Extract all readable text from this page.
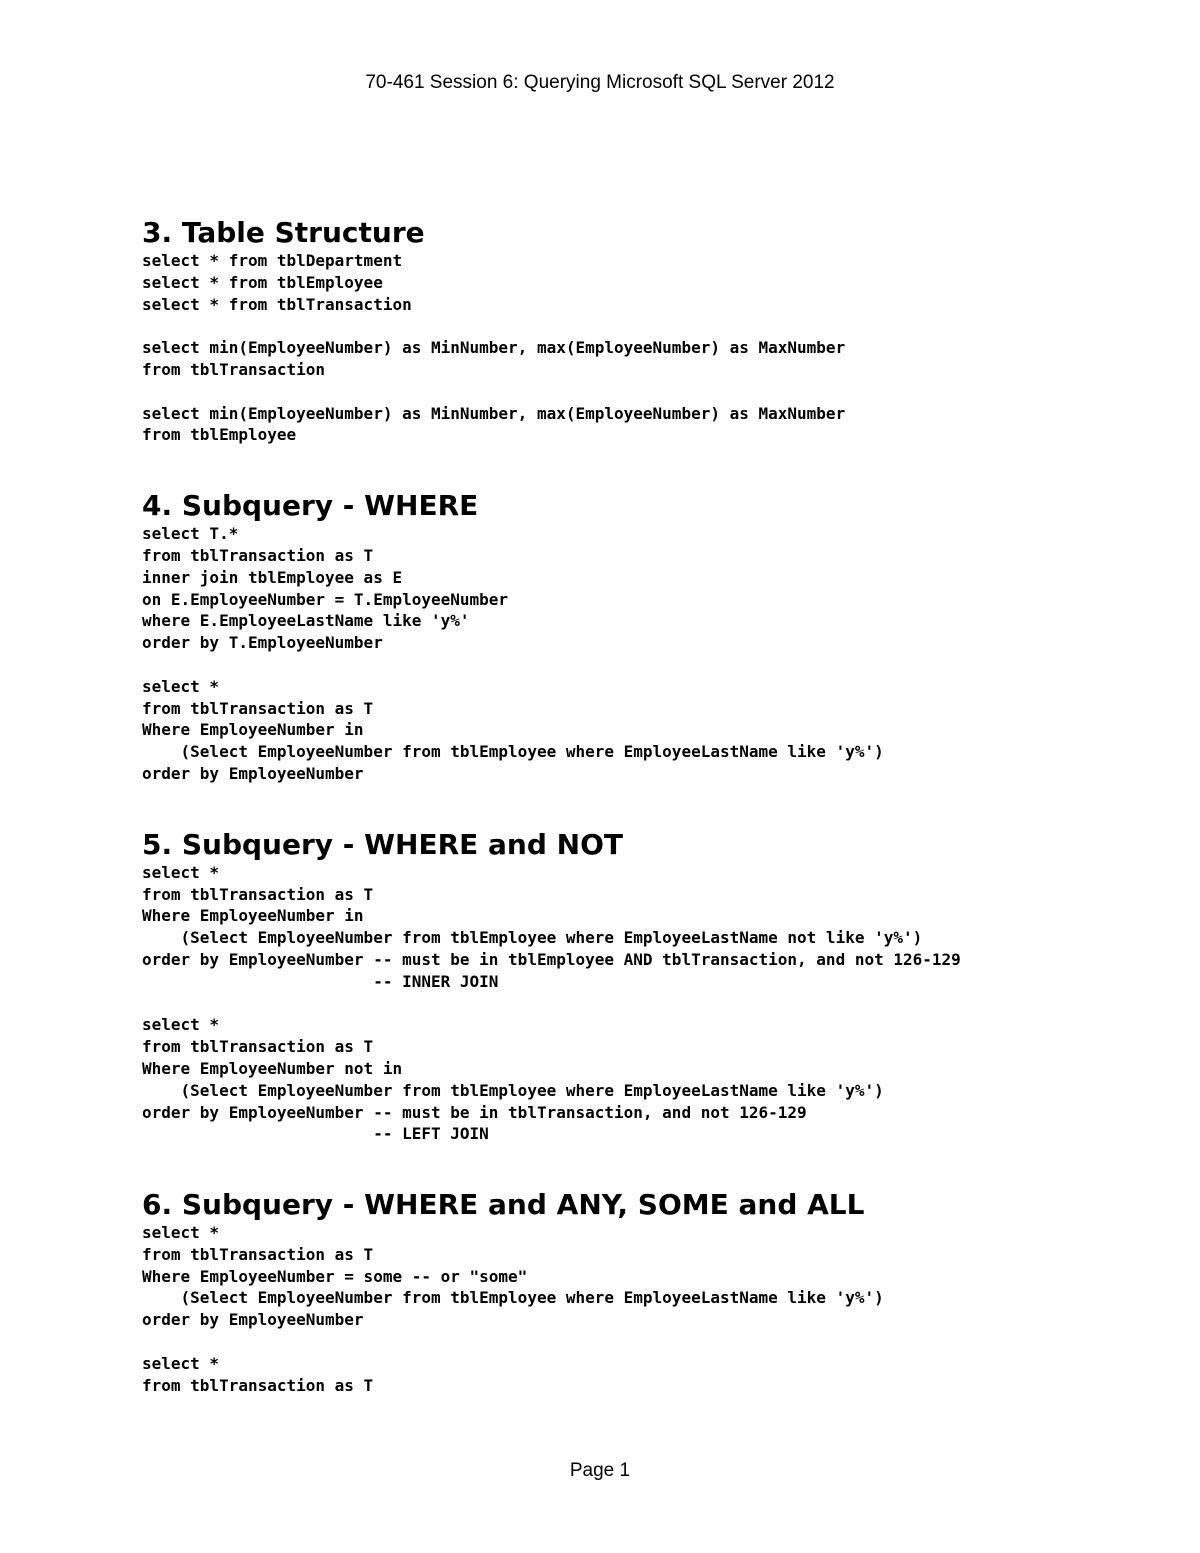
70-461 Session 6: Querying Microsoft SQL Server 2012
3. Table Structure
select * from tblDepartment
select * from tblEmployee
select * from tblTransaction
select min(EmployeeNumber) as MinNumber, max(EmployeeNumber) as MaxNumber
from tblTransaction
select min(EmployeeNumber) as MinNumber, max(EmployeeNumber) as MaxNumber
from tblEmployee
4. Subquery - WHERE
select T.*
from tblTransaction as T
inner join tblEmployee as E
on E.EmployeeNumber = T.EmployeeNumber
where E.EmployeeLastName like 'y%'
order by T.EmployeeNumber
select *
from tblTransaction as T
Where EmployeeNumber in
(Select EmployeeNumber from tblEmployee where EmployeeLastName like 'y%')
order by EmployeeNumber
5. Subquery - WHERE and NOT
select *
from tblTransaction as T
Where EmployeeNumber in
(Select EmployeeNumber from tblEmployee where EmployeeLastName not like 'y%')
order by EmployeeNumber -- must be in tblEmployee AND tblTransaction, and not 126-129
-- INNER JOIN
select *
from tblTransaction as T
Where EmployeeNumber not in
(Select EmployeeNumber from tblEmployee where EmployeeLastName like 'y%')
order by EmployeeNumber -- must be in tblTransaction, and not 126-129
-- LEFT JOIN
6. Subquery - WHERE and ANY, SOME and ALL
select *
from tblTransaction as T
Where EmployeeNumber = some -- or "some"
(Select EmployeeNumber from tblEmployee where EmployeeLastName like 'y%')
order by EmployeeNumber
select *
from tblTransaction as T
Page 1
